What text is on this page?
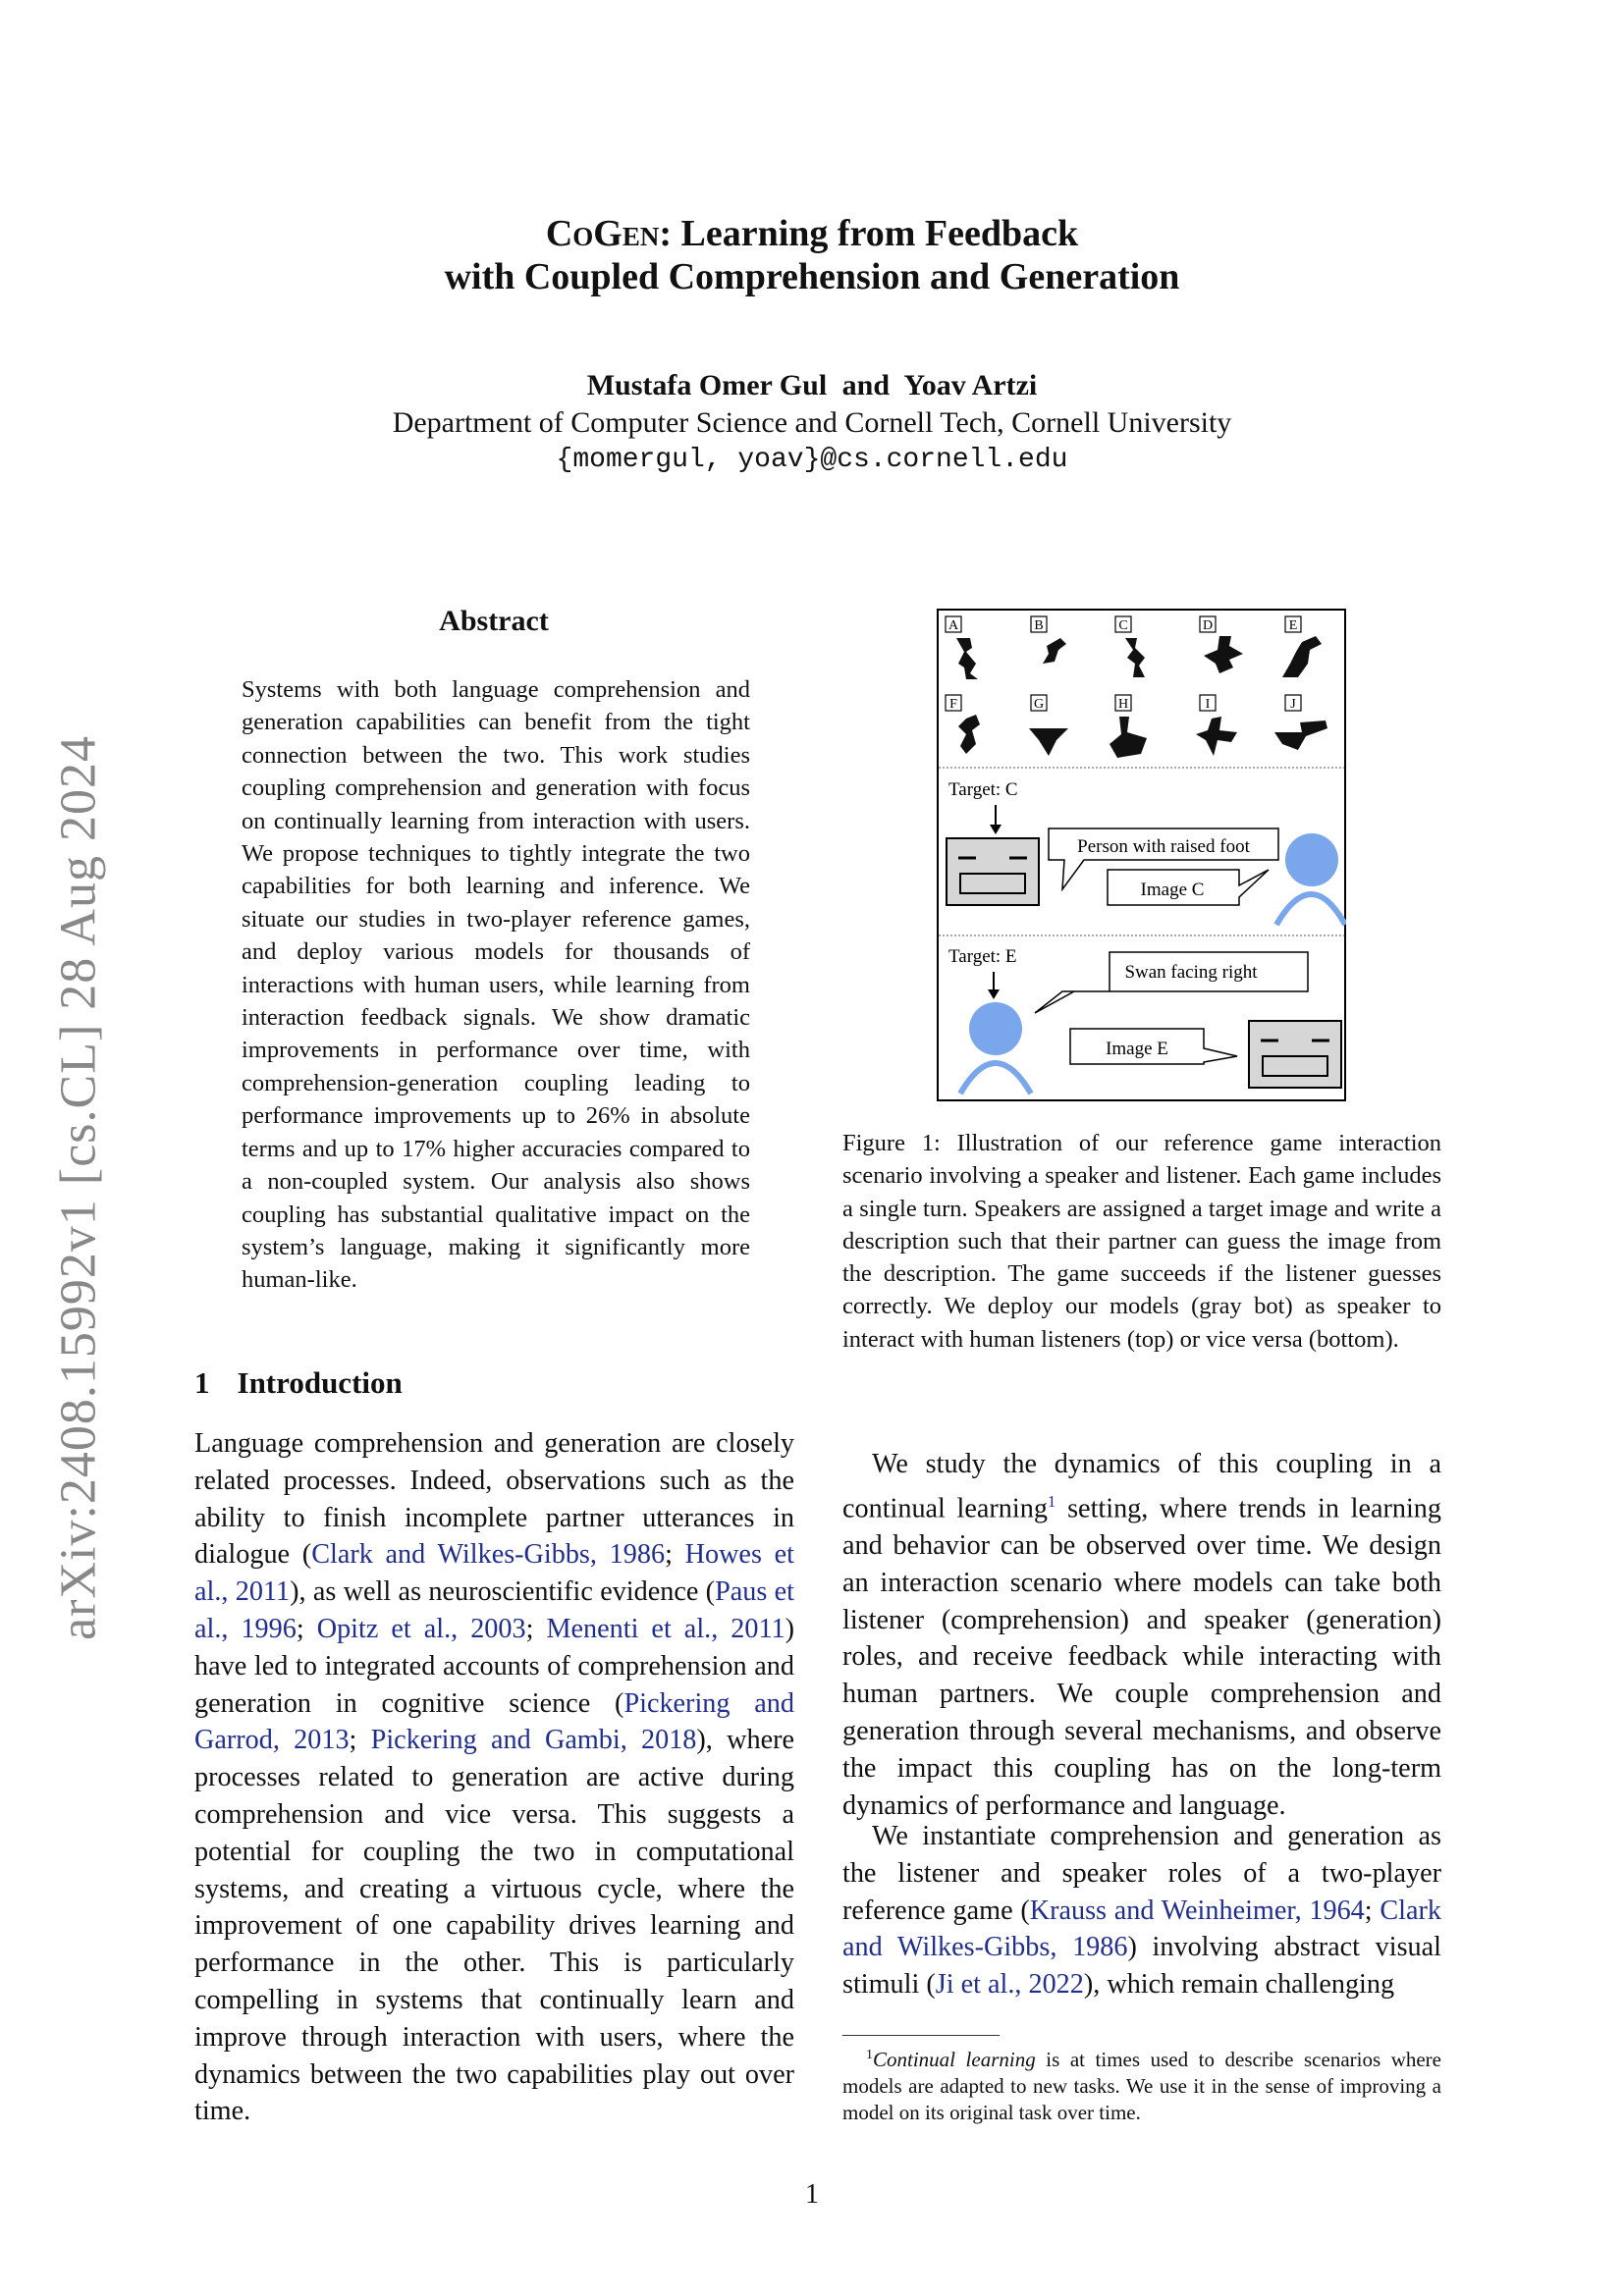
arXiv:2408.15992v1 [cs.CL] 28 Aug 2024
CoGen: Learning from Feedback
with Coupled Comprehension and Generation
Mustafa Omer Gul and Yoav Artzi
Department of Computer Science and Cornell Tech, Cornell University
{momergul, yoav}@cs.cornell.edu
Abstract
Systems with both language comprehension and generation capabilities can benefit from the tight connection between the two. This work studies coupling comprehension and generation with focus on continually learning from interaction with users. We propose techniques to tightly integrate the two capabilities for both learning and inference. We situate our studies in two-player reference games, and deploy various models for thousands of interactions with human users, while learning from interaction feedback signals. We show dramatic improvements in performance over time, with comprehension-generation coupling leading to performance improvements up to 26% in absolute terms and up to 17% higher accuracies compared to a non-coupled system. Our analysis also shows coupling has substantial qualitative impact on the system’s language, making it significantly more human-like.
1 Introduction
Language comprehension and generation are closely related processes. Indeed, observations such as the ability to finish incomplete partner utterances in dialogue (Clark and Wilkes-Gibbs, 1986; Howes et al., 2011), as well as neuroscientific evidence (Paus et al., 1996; Opitz et al., 2003; Menenti et al., 2011) have led to integrated accounts of comprehension and generation in cognitive science (Pickering and Garrod, 2013; Pickering and Gambi, 2018), where processes related to generation are active during comprehension and vice versa. This suggests a potential for coupling the two in computational systems, and creating a virtuous cycle, where the improvement of one capability drives learning and performance in the other. This is particularly compelling in systems that continually learn and improve through interaction with users, where the dynamics between the two capabilities play out over time.
A	B	C	D	E
F	G	H	I	J
Target: C
Person with raised foot
Image C
Target: E
Swan facing right
Image E
Figure 1: Illustration of our reference game interaction scenario involving a speaker and listener. Each game includes a single turn. Speakers are assigned a target image and write a description such that their partner can guess the image from the description. The game succeeds if the listener guesses correctly. We deploy our models (gray bot) as speaker to interact with human listeners (top) or vice versa (bottom).
We study the dynamics of this coupling in a continual learning$^1$ setting, where trends in learning and behavior can be observed over time. We design an interaction scenario where models can take both listener (comprehension) and speaker (generation) roles, and receive feedback while interacting with human partners. We couple comprehension and generation through several mechanisms, and observe the impact this coupling has on the long-term dynamics of performance and language.
We instantiate comprehension and generation as the listener and speaker roles of a two-player reference game (Krauss and Weinheimer, 1964; Clark and Wilkes-Gibbs, 1986) involving abstract visual stimuli (Ji et al., 2022), which remain challenging
$^1$Continual learning is at times used to describe scenarios where models are adapted to new tasks. We use it in the sense of improving a model on its original task over time.
1
